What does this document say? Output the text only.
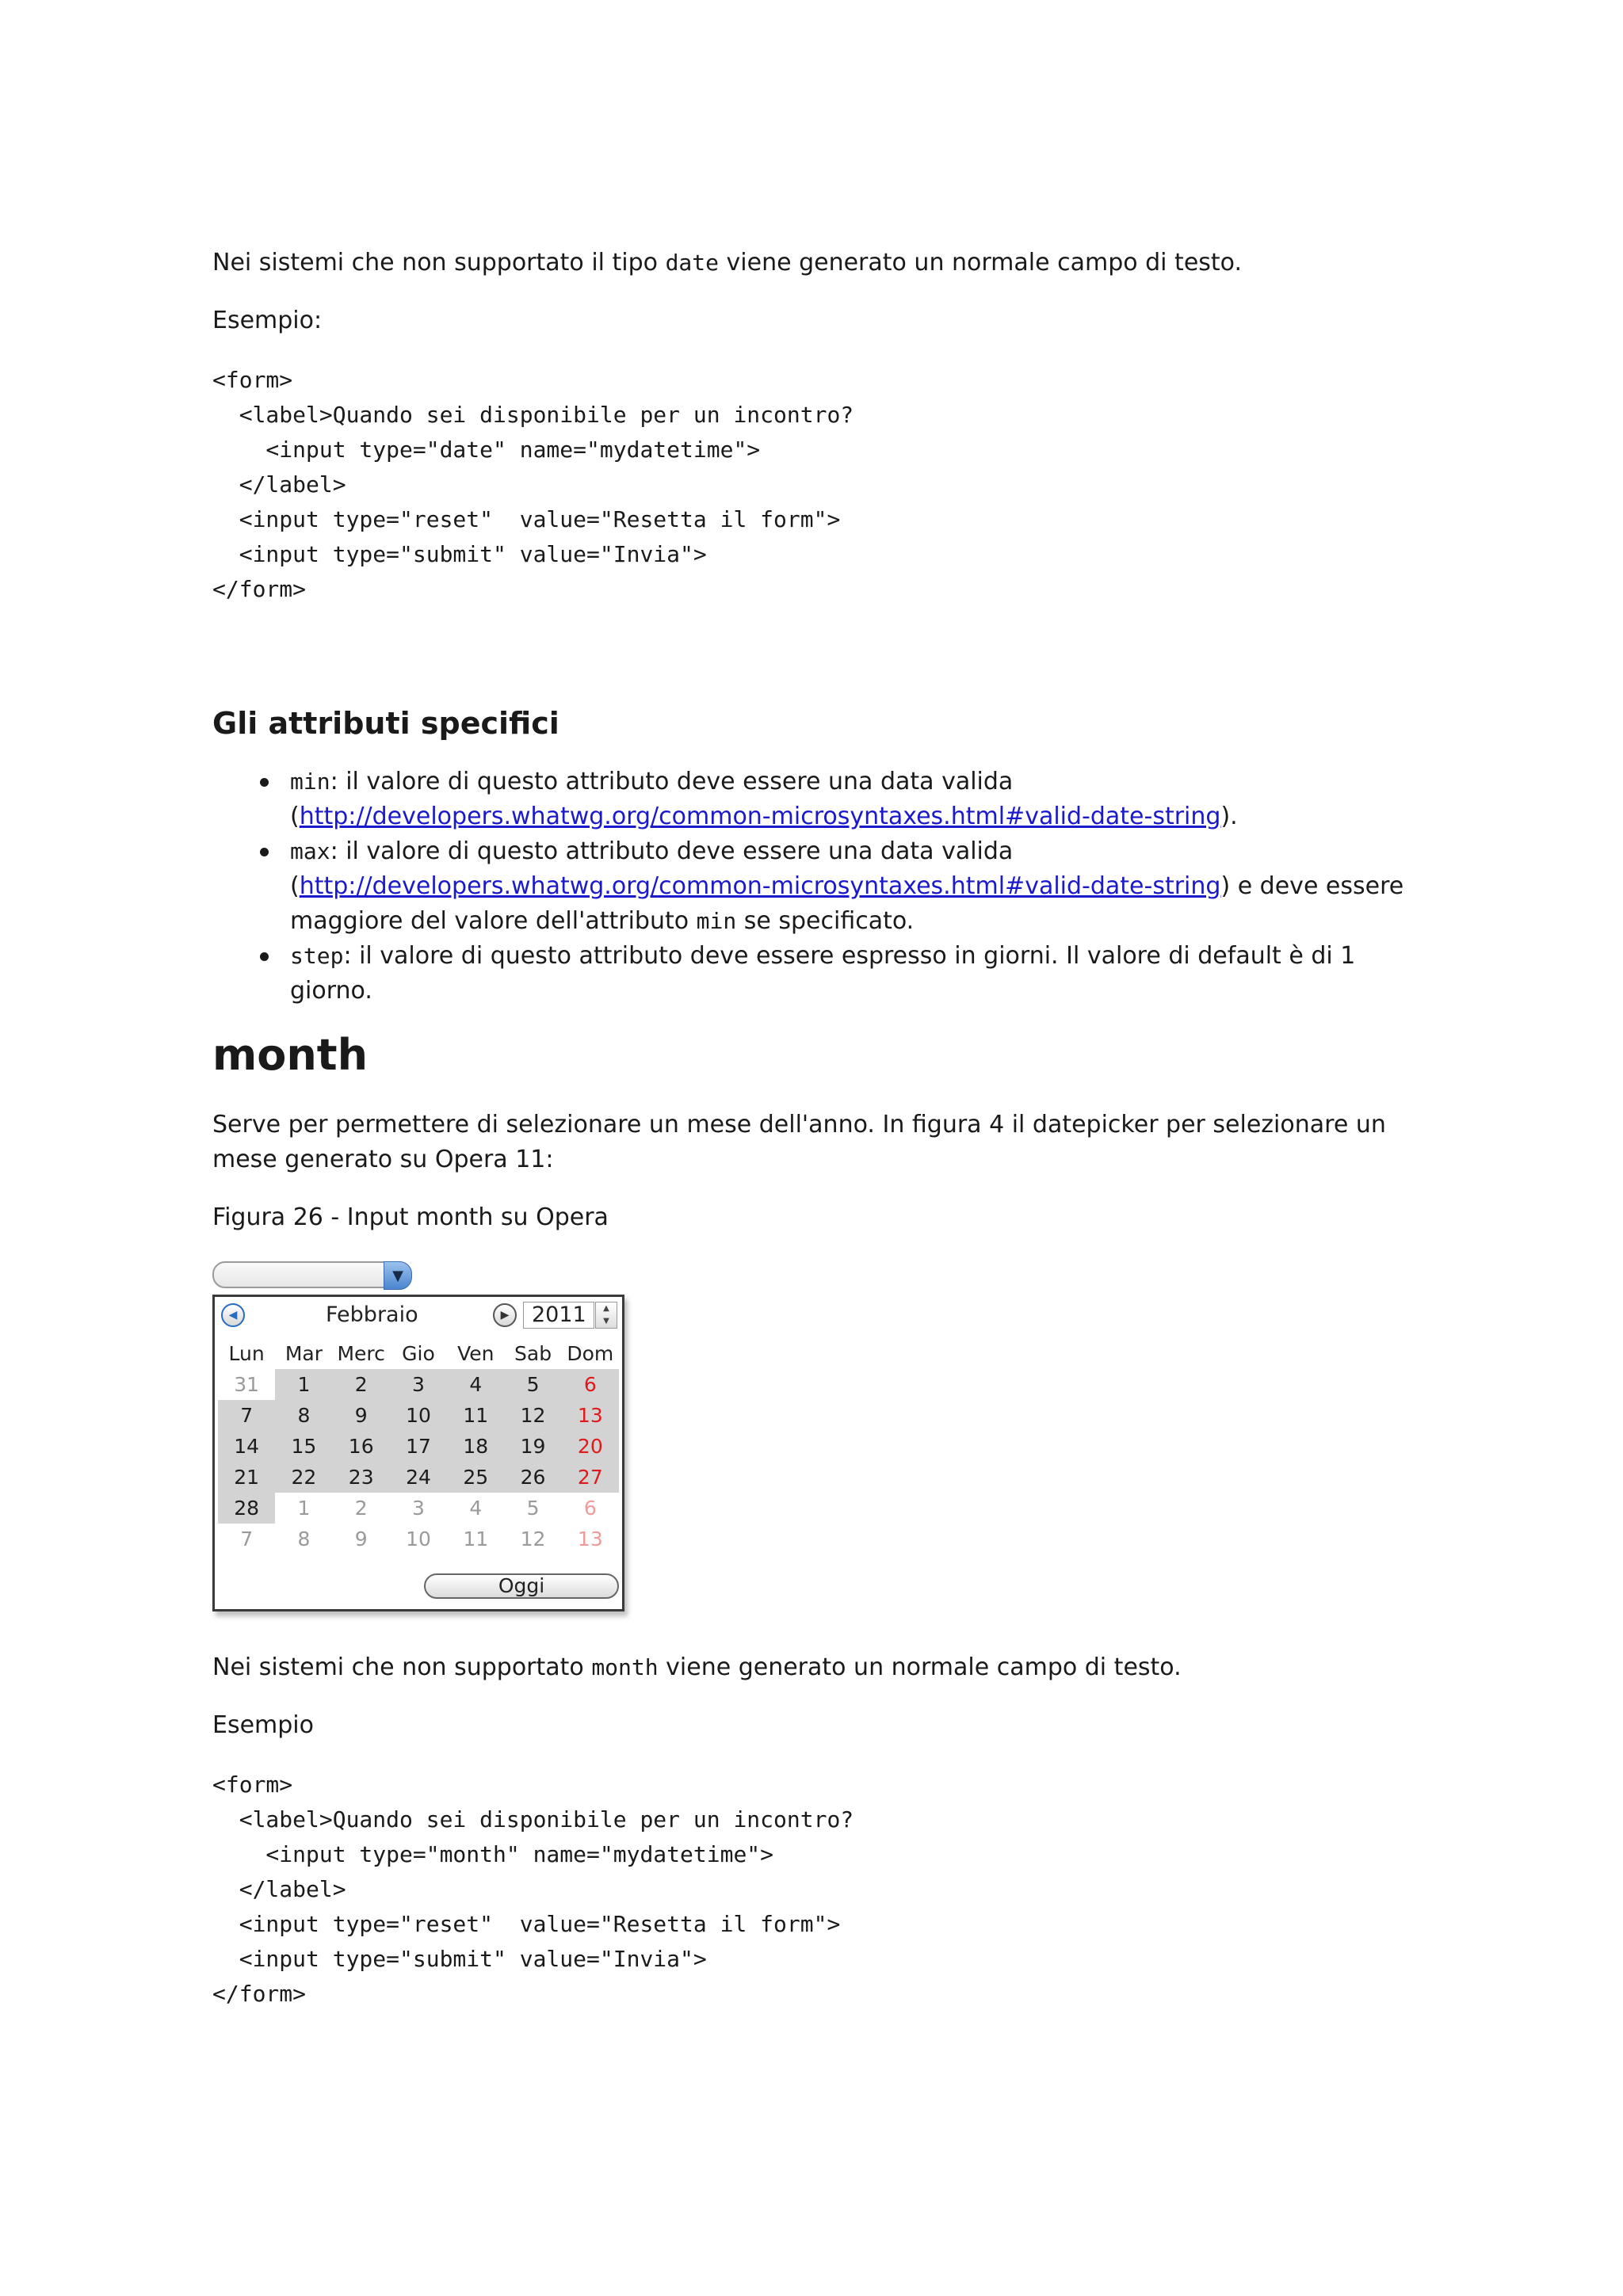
Nei sistemi che non supportato il tipo date viene generato un normale campo di testo.

Esempio:

<form>
<label>Quando sei disponibile per un incontro?
<input type="date" name="mydatetime">
</label>
<input type="reset"  value="Resetta il form">
<input type="submit" value="Invia">
</form>
Gli attributi specifici
min: il valore di questo attributo deve essere una data valida
(http://developers.whatwg.org/common-microsyntaxes.html#valid-date-string).
max: il valore di questo attributo deve essere una data valida
(http://developers.whatwg.org/common-microsyntaxes.html#valid-date-string) e deve essere
maggiore del valore dell'attributo min se specificato.
step: il valore di questo attributo deve essere espresso in giorni. Il valore di default è di 1
giorno.
month

Serve per permettere di selezionare un mese dell'anno. In figura 4 il datepicker per selezionare un

mese generato su Opera 11:

Figura 26 - Input month su Opera

▼
◀	Febbraio	▶	2011	▲
▼
Lun	Mar Merc Gio	Ven	Sab Dom
31	1	2	3	4	5	6
7	8	9	10	11	12	13
14	15	16	17	18	19	20
21	22	23	24	25	26	27
28	1	2	3	4	5	6
7	8	9	10	11	12	13
Oggi

Nei sistemi che non supportato month viene generato un normale campo di testo.

Esempio

<form>
<label>Quando sei disponibile per un incontro?
<input type="month" name="mydatetime">
</label>
<input type="reset"  value="Resetta il form">
<input type="submit" value="Invia">
</form>
